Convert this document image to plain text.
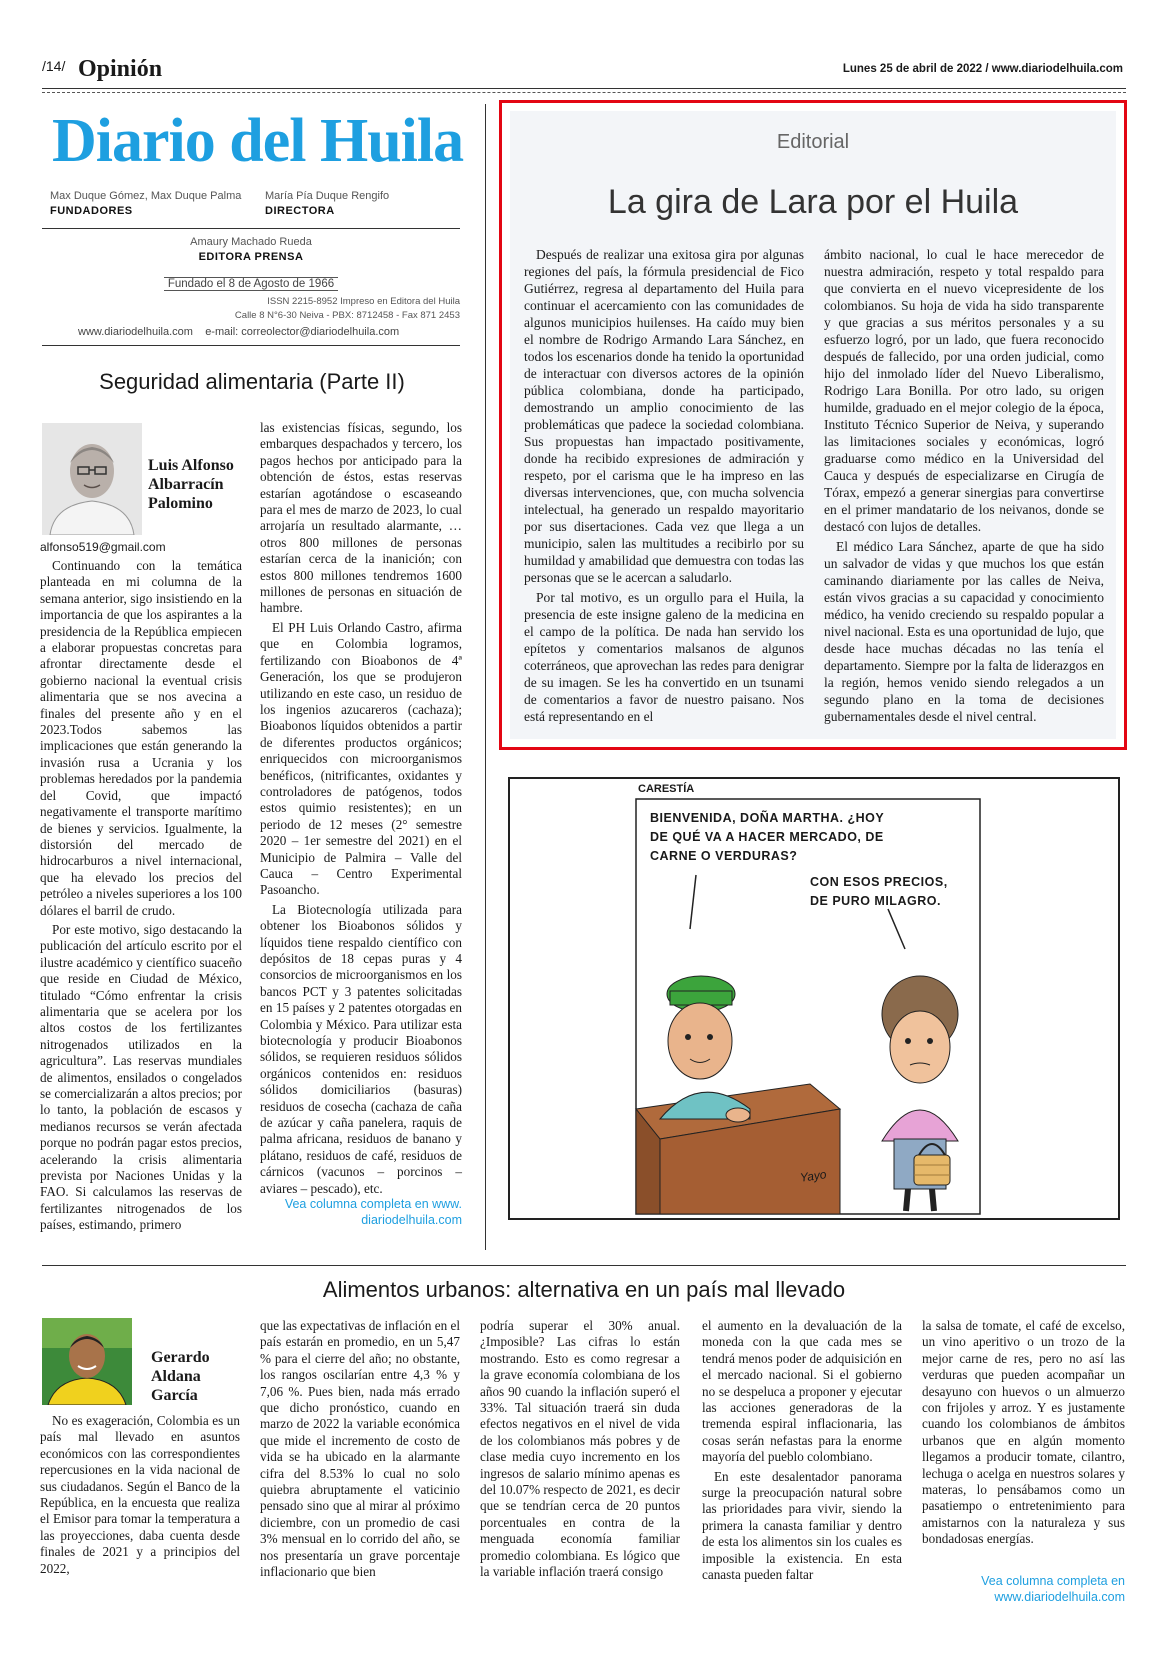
/14/ Opinión	Lunes 25 de abril de 2022 / www.diariodelhuila.com
Diario del Huila
Max Duque Gómez, Max Duque Palma
FUNDADORES
María Pía Duque Rengifo
DIRECTORA
Amaury Machado Rueda
EDITORA PRENSA
Fundado el 8 de Agosto de 1966
ISSN 2215-8952 Impreso en Editora del Huila
Calle 8 N°6-30 Neiva - PBX: 8712458 - Fax 871 2453
www.diariodelhuila.com e-mail: correolector@diariodelhuila.com
Editorial
La gira de Lara por el Huila

Después de realizar una exitosa gira por algunas regiones del país, la fórmula presidencial de Fico Gutiérrez, regresa al departamento del Huila para continuar el acercamiento con las comunidades de algunos municipios huilenses. Ha caído muy bien el nombre de Rodrigo Armando Lara Sánchez, en todos los escenarios donde ha tenido la oportunidad de interactuar con diversos actores de la opinión pública colombiana, donde ha participado, demostrando un amplio conocimiento de las problemáticas que padece la sociedad colombiana. Sus propuestas han impactado positivamente, donde ha recibido expresiones de admiración y respeto, por el carisma que le ha impreso en las diversas intervenciones, que, con mucha solvencia intelectual, ha generado un respaldo mayoritario por sus disertaciones. Cada vez que llega a un municipio, salen las multitudes a recibirlo por su humildad y amabilidad que demuestra con todas las personas que se le acercan a saludarlo.

Por tal motivo, es un orgullo para el Huila, la presencia de este insigne galeno de la medicina en el campo de la política. De nada han servido los epítetos y comentarios malsanos de algunos coterráneos, que aprovechan las redes para denigrar de su imagen. Se les ha convertido en un tsunami de comentarios a favor de nuestro paisano. Nos está representando en el

ámbito nacional, lo cual le hace merecedor de nuestra admiración, respeto y total respaldo para que convierta en el nuevo vicepresidente de los colombianos. Su hoja de vida ha sido transparente y que gracias a sus méritos personales y a su esfuerzo logró, por un lado, que fuera reconocido después de fallecido, por una orden judicial, como hijo del inmolado líder del Nuevo Liberalismo, Rodrigo Lara Bonilla. Por otro lado, su origen humilde, graduado en el mejor colegio de la época, Instituto Técnico Superior de Neiva, y superando las limitaciones sociales y económicas, logró graduarse como médico en la Universidad del Cauca y después de especializarse en Cirugía de Tórax, empezó a generar sinergias para convertirse en el primer mandatario de los neivanos, donde se destacó con lujos de detalles.

El médico Lara Sánchez, aparte de que ha sido un salvador de vidas y que muchos los que están caminando diariamente por las calles de Neiva, están vivos gracias a su capacidad y conocimiento médico, ha venido creciendo su respaldo popular a nivel nacional. Esta es una oportunidad de lujo, que desde hace muchas décadas no las tenía el departamento. Siempre por la falta de liderazgos en la región, hemos venido siendo relegados a un segundo plano en la toma de decisiones gubernamentales desde el nivel central.

Seguridad alimentaria (Parte II)
Luis Alfonso Albarracín Palomino
alfonso519@gmail.com

Continuando con la temática planteada en mi columna de la semana anterior, sigo insistiendo en la importancia de que los aspirantes a la presidencia de la República empiecen a elaborar propuestas concretas para afrontar directamente desde el gobierno nacional la eventual crisis alimentaria que se nos avecina a finales del presente año y en el 2023.Todos sabemos las implicaciones que están generando la invasión rusa a Ucrania y los problemas heredados por la pandemia del Covid, que impactó negativamente el transporte marítimo de bienes y servicios. Igualmente, la distorsión del mercado de hidrocarburos a nivel internacional, que ha elevado los precios del petróleo a niveles superiores a los 100 dólares el barril de crudo.

Por este motivo, sigo destacando la publicación del artículo escrito por el ilustre académico y científico suaceño que reside en Ciudad de México, titulado “Cómo enfrentar la crisis alimentaria que se acelera por los altos costos de los fertilizantes nitrogenados utilizados en la agricultura”. Las reservas mundiales de alimentos, ensilados o congelados se comercializarán a altos precios; por lo tanto, la población de escasos y medianos recursos se verán afectada porque no podrán pagar estos precios, acelerando la crisis alimentaria prevista por Naciones Unidas y la FAO. Si calculamos las reservas de fertilizantes nitrogenados de los países, estimando, primero

las existencias físicas, segundo, los embarques despachados y tercero, los pagos hechos por anticipado para la obtención de éstos, estas reservas estarían agotándose o escaseando para el mes de marzo de 2023, lo cual arrojaría un resultado alarmante, … otros 800 millones de personas estarían cerca de la inanición; con estos 800 millones tendremos 1600 millones de personas en situación de hambre.

El PH Luis Orlando Castro, afirma que en Colombia logramos, fertilizando con Bioabonos de 4ª Generación, los que se produjeron utilizando en este caso, un residuo de los ingenios azucareros (cachaza); Bioabonos líquidos obtenidos a partir de diferentes productos orgánicos; enriquecidos con microorganismos benéficos, (nitrificantes, oxidantes y controladores de patógenos, todos estos quimio resistentes); en un periodo de 12 meses (2° semestre 2020 – 1er semestre del 2021) en el Municipio de Palmira – Valle del Cauca – Centro Experimental Pasoancho.

La Biotecnología utilizada para obtener los Bioabonos sólidos y líquidos tiene respaldo científico con depósitos de 18 cepas puras y 4 consorcios de microorganismos en los bancos PCT y 3 patentes solicitadas en 15 países y 2 patentes otorgadas en Colombia y México. Para utilizar esta biotecnología y producir Bioabonos sólidos, se requieren residuos sólidos orgánicos contenidos en: residuos sólidos domiciliarios (basuras) residuos de cosecha (cachaza de caña de azúcar y caña panelera, raquis de palma africana, residuos de banano y plátano, residuos de café, residuos de cárnicos (vacunos – porcinos – aviares – pescado), etc.

Vea columna completa en www. diariodelhuila.com
CARESTÍA
BIENVENIDA, DOÑA MARTHA. ¿HOY DE QUÉ VA A HACER MERCADO, DE CARNE O VERDURAS?
CON ESOS PRECIOS, DE PURO MILAGRO.
Yayo
Alimentos urbanos: alternativa en un país mal llevado
Gerardo Aldana García

No es exageración, Colombia es un país mal llevado en asuntos económicos con las correspondientes repercusiones en la vida nacional de sus ciudadanos. Según el Banco de la República, en la encuesta que realiza el Emisor para tomar la temperatura a las proyecciones, daba cuenta desde finales de 2021 y a principios del 2022,

que las expectativas de inflación en el país estarán en promedio, en un 5,47 % para el cierre del año; no obstante, los rangos oscilarían entre 4,3 % y 7,06 %. Pues bien, nada más errado que dicho pronóstico, cuando en marzo de 2022 la variable económica que mide el incremento de costo de vida se ha ubicado en la alarmante cifra del 8.53% lo cual no solo quiebra abruptamente el vaticinio pensado sino que al mirar al próximo diciembre, con un promedio de casi 3% mensual en lo corrido del año, se nos presentaría un grave porcentaje inflacionario que bien

podría superar el 30% anual. ¿Imposible? Las cifras lo están mostrando. Esto es como regresar a la grave economía colombiana de los años 90 cuando la inflación superó el 33%. Tal situación traerá sin duda efectos negativos en el nivel de vida de los colombianos más pobres y de clase media cuyo incremento en los ingresos de salario mínimo apenas es del 10.07% respecto de 2021, es decir que se tendrían cerca de 20 puntos porcentuales en contra de la menguada economía familiar promedio colombiana. Es lógico que la variable inflación traerá consigo

el aumento en la devaluación de la moneda con la que cada mes se tendrá menos poder de adquisición en el mercado nacional. Si el gobierno no se despeluca a proponer y ejecutar las acciones generadoras de la tremenda espiral inflacionaria, las cosas serán nefastas para la enorme mayoría del pueblo colombiano.

En este desalentador panorama surge la preocupación natural sobre las prioridades para vivir, siendo la primera la canasta familiar y dentro de esta los alimentos sin los cuales es imposible la existencia. En esta canasta pueden faltar

la salsa de tomate, el café de excelso, un vino aperitivo o un trozo de la mejor carne de res, pero no así las verduras que pueden acompañar un desayuno con huevos o un almuerzo con frijoles y arroz. Y es justamente cuando los colombianos de ámbitos urbanos que en algún momento llegamos a producir tomate, cilantro, lechuga o acelga en nuestros solares y materas, lo pensábamos como un pasatiempo o entretenimiento para amistarnos con la naturaleza y sus bondadosas energías.

Vea columna completa en www.diariodelhuila.com
